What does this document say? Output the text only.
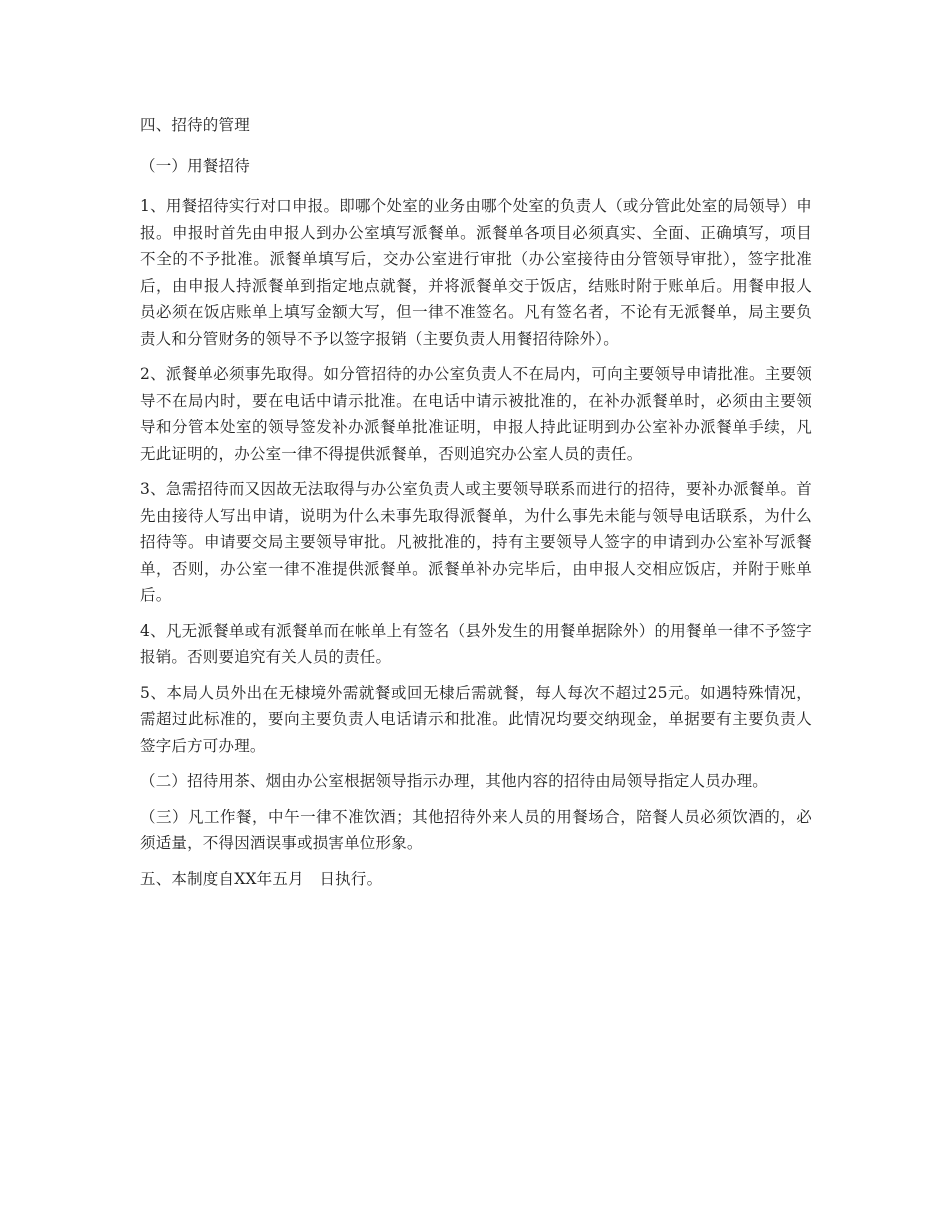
四、招待的管理

（一）用餐招待

1、用餐招待实行对口申报。即哪个处室的业务由哪个处室的负责人（或分管此处室的局领导）申报。申报时首先由申报人到办公室填写派餐单。派餐单各项目必须真实、全面、正确填写，项目不全的不予批准。派餐单填写后，交办公室进行审批（办公室接待由分管领导审批），签字批准后，由申报人持派餐单到指定地点就餐，并将派餐单交于饭店，结账时附于账单后。用餐申报人员必须在饭店账单上填写金额大写，但一律不准签名。凡有签名者，不论有无派餐单，局主要负责人和分管财务的领导不予以签字报销（主要负责人用餐招待除外）。

2、派餐单必须事先取得。如分管招待的办公室负责人不在局内，可向主要领导申请批准。主要领导不在局内时，要在电话中请示批准。在电话中请示被批准的，在补办派餐单时，必须由主要领导和分管本处室的领导签发补办派餐单批准证明，申报人持此证明到办公室补办派餐单手续，凡无此证明的，办公室一律不得提供派餐单，否则追究办公室人员的责任。

3、急需招待而又因故无法取得与办公室负责人或主要领导联系而进行的招待，要补办派餐单。首先由接待人写出申请，说明为什么未事先取得派餐单，为什么事先未能与领导电话联系，为什么招待等。申请要交局主要领导审批。凡被批准的，持有主要领导人签字的申请到办公室补写派餐单，否则，办公室一律不准提供派餐单。派餐单补办完毕后，由申报人交相应饭店，并附于账单后。

4、凡无派餐单或有派餐单而在帐单上有签名（县外发生的用餐单据除外）的用餐单一律不予签字报销。否则要追究有关人员的责任。

5、本局人员外出在无棣境外需就餐或回无棣后需就餐，每人每次不超过25元。如遇特殊情况，需超过此标准的，要向主要负责人电话请示和批准。此情况均要交纳现金，单据要有主要负责人签字后方可办理。

（二）招待用茶、烟由办公室根据领导指示办理，其他内容的招待由局领导指定人员办理。

（三）凡工作餐，中午一律不准饮酒；其他招待外来人员的用餐场合，陪餐人员必须饮酒的，必须适量，不得因酒误事或损害单位形象。

五、本制度自XX年五月　日执行。
